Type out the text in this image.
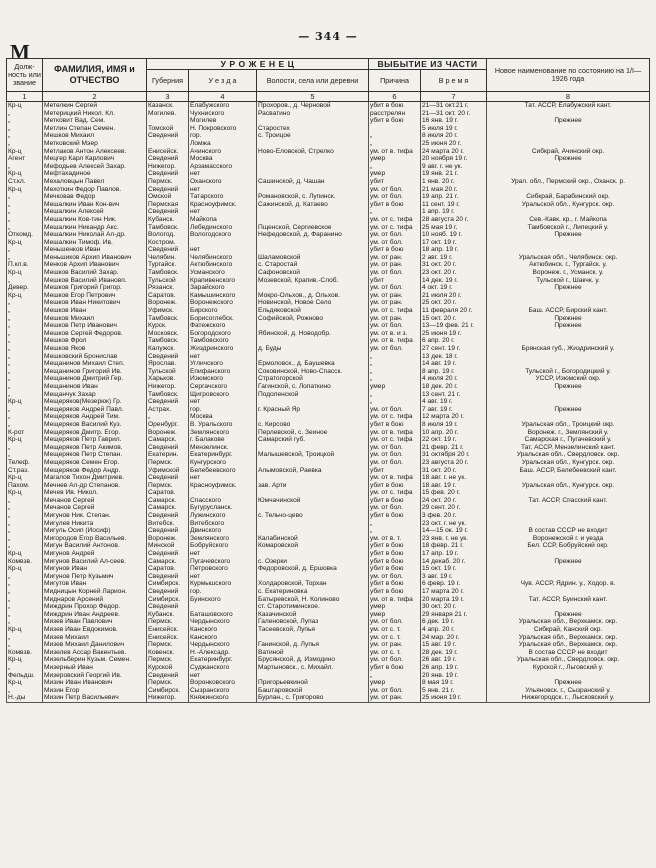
М
— 344 —
Долж-ность или звание	ФАМИЛИЯ, ИМЯ и ОТЧЕСТВО	У Р О Ж Е Н Е Ц			ВЫБЫТИЕ ИЗ ЧАСТИ		Новое наименование по состоянию на 1/I—1926 года
		Губерния	У е з д а	Волости, села или деревни	Причина	В р е м я	
1	2	3	4	5	6	7	8
Кр-ц	Метелкин Сергей	Казанск.	Елабужского	Прохоров., д. Черновой	убит в бою	21—31 окт.21 г.	Тат. АССР, Елабужский кант.
„	Метерицкий Никол. Кл.	Могилев.	Чухниского	Расватино	расстрелян	21—31 окт. 20 г.	
„	Метковит Вад. Сем.		Могилев		убит в бою	16 янв. 19 г.	Прежнее
„	Метлин Степан Семен.	Томской	Н. Покровского	Старостех		5 июля 19 г.	
„	Мешков Михаил	Сведений	гор.	с. Троицое	„	8 июля 20 г.	
„	Метковский Мэер		Ломжа		„	25 июня 20 г.	
Кр-ц	Метлаков Антон Алексеев.	Енисейск.	Ачинского	Ново-Еловской, Стрелко	ум. от в. тифа	24 марта 20 г.	Сибкрай, Ачинский окр.
Агент	Мецгер Карл Карлович	Сведений	Москва		умер	20 ноября 19 г.	Прежнее
„	Мефодьев Алексей Захар.	Нижегор.	Арзамасского		„	9 авг. г. не ук.	
Кр-ц	Мефтахадиное	Сведений	нет		умер	19 янв. 21 г.	
Ст.кл.	Мехаловцын Павел	Пермск.	Оханского	Сашинской, д. Чашан	убит	1 янв. 20 г.	Урал. обл., Пермский окр., Оханск. р.
Кр-ц	Мехоткин Федор Павлов.	Сведений	нет		ум. от бол.	21 мая 20 г.	
„	Мечковав Федор	Омской	Татарского	Романовской, с. Лупинск.	ум. от бол.	19 апр. 21 г.	Сибкрай, Барабинский окр.
„	Мешалкин Иван Кон-вич	Пермская	Красноуфимск.	Сажинской, д. Катаево	убит в бою	11 сент. 19 г.	Уральской обл., Кунгурск. окр.
„	Мешалкин Алексей	Сведений	нет		„	1 апр. 19 г.	
„	Мешалкин Ков-тин Ник.	Кубанск.	Майкопа		ум. от с. тифа	28 августа 20 г.	Сев.-Кавк. кр., г. Майкопа
„	Мешалкин Никандр Акс.	Тамбовск.	Лебединского	Пщенской, Сергиевское	ум. от с. тифа	25 мая 19 г.	Тамбовской г., Липецкий у.
Откомд.	Мешалкин Николай Ал-др.	Вологод.	Вологодского	Нефедовской, д. Фаранино	ум. от бол.	10 нояб. 19 г.	Прежнее
Кр-ц	Мешалкин Тимоф. Ив.	Костром.			ум. от бол.	17 окт. 19 г.	
„	Меньшенков Иван	Сведений	нет		убит в бою	18 апр. 19 г.	
„	Меньшиков Архип Иванович	Челябин.	Челябинского	Шаламовской	ум. от ран.	2 авг. 19 г.	Уральская обл., Челябинск. окр.
П.кл.в.	Менков Архип Иванович	Тургайск.	Актюбинского	с. Старостай	ум. от ран.	31 окт. 20 г.	Актюбинск. г., Тургайск. у.
Кр-ц	Мешков Василий Захар.	Тамбовск.	Усманского	Сафоновской	ум. от бол.	23 окт. 20 г.	Воронеж. г., Усманск. у.
„	Мешков Василий Ивановп.	Тульской	Крапивенского	Мозевской, Крапив.-Слоб.	убит	14 дек. 19 г.	Тульской г., Шакчк. у.
Девер.	Мешков Григорий Григор.	Рязанск.	Зарайского		ум. от бол.	4 окт. 19 г.	Прежнее
Кр-ц	Мешков Егор Петрович	Саратов.	Камышинского	Мокро-Ольхов., д. Ольхов.	ум. от ран.	21 июля 20 г.	
„	Мешков Иван Никитович	Воронеж.	Воронежского	Новинской, Новое Село	ум. от ран.	25 окт. 20 г.	
„	Мешков Иван	Уфимск.	Бирского	Ельдяковской	ум. от с. тифа	11 февраля 20 г.	Баш. АССР, Бирский кант.
„	Мешков Михаил	Тамбовск.	Борисоглебск.	Софийской, Рожново	ум. от ран.	15 окт. 20 г.	Прежнее
„	Мешков Петр Иванович	Курск.	Фатежского		ум. от бол.	13—19 фев. 21 г.	Прежнее
„	Мешков Сергей Федоров.	Московск.	Богородского	Ябинской, д. Новодобр.	ум. от в. и з.	25 июня 19 г.	
„	Мешков Фрол	Тамбовск.	Тамбовского		ум. от в. тифа	6 апр. 20 г.	
„	Мешков Яков	Калужск.	Жиздринского	д. Буды	ум. от бол.	27 сент. 19 г.	Брянская губ., Жиздринский у.
„	Мешковский Бронислав	Сведений	нет		„	13 дек. 18 г.	
„	Мещанинов Михаил Степ.	Ярослав.	Угличского	Ермоловск., д. Баушевка	„	14 авг. 19 г.	
„	Мещанинов Григорий Ив.	Тульской	Епифанского	Соковинской, Ново-Спасск.	„	8 апр. 19 г.	Тульской г., Богородицкий у.
„	Мещанинов Дмитрий Гер.	Харьков.	Изюмского	Стратогорской	„	4 июля 20 г.	УССР, Изюмский окр.
„	Мещанинов Иван	Нижегор.	Сергачского	Гагинской, с. Лопаткино	умер	18 дек. 20 г.	Прежнее
„	Мещанчук Захар	Тамбовск.	Щигровского	Подоленской	„	13 сент. 21 г.	
Кр-ц	Мещеряков(Мезерюк) Гр.	Сведений	нет		„	4 авг. 19 г.	
„	Мещеряков Андрей Павл.	Астрах.	гор.	г. Красный Яр	ум. от бол.	7 авг. 19 г.	Прежнее
„	Мещеряков Андрей Тим.	„	Москва		ум. от с. тифа	12 марта 20 г.	
„	Мещеряков Василий Куз.	Оренбург.	В. Уральского	с. Кирсово	убит в бою	8 июля 19 г.	Уральская обл., Троицкий окр.
К-рот	Мещеряков Дмитр. Егор.	Воронеж.	Землянского	Перлевской, с. Зеиное	ум. от в. тифа	10 апр. 20 г.	Воронеж. г., Землянский у.
Кр-ц	Мещеряков Петр Гаврил.	Самарск.	г. Балакове	Самарский губ.	ум. от с. тифа	22 окт. 19 г.	Самарская г., Пугачевский у.
„	Мещеряков Петр Акимов.	Сведений	Мензелинск.		ум. от бол.	21 февр. 21 г.	Тат. АССР, Мензелинский кант.
„	Мещеряков Петр Степан.	Екатерин.	Екатеринбург.	Малышевской, Троицкой	ум. от бол.	31 октября 20 г.	Уральская обл., Свердловск. окр.
Телеф.	Мещеряков Семен Егор.	Пермск.	Кунгурского		ум. от бол.	23 августа 20 г.	Уральская обл., Кунгурск. окр.
Ст.раз.	Мещеряков Федор Андр.	Уфимской	Белебеевского	Алымовской, Раевка	убит	31 окт. 20 г.	Баш. АССР, Белебеевский кант.
Кр-ц	Магалов Тихон Дмитриев.	Сведений	нет		ум. от в. тифа	18 авг. г. не ук.	
Пахом.	Мечнев Ал-др Степанов.	Пермск.	Красноуфимск.	зав. Арти	убит в бою	18 авг. 19 г.	Уральская обл., Кунгурск. окр.
Кр-ц	Мечев Ив. Никол.	Саратов.			ум. от с. тифа	15 фев. 20 г.	
„	Мечанов Сергей	Самарск.	Спасского	Юмчачинской	убит в бою	24 окт. 20 г.	Тат. АССР, Спасский кант.
„	Мечанов Сергей	Самарск.	Бугурусланск.		ум. от бол.	29 сент. 20 г.	
„	Мигунов Ник. Степан.	Сведений	Лужинского	с. Тельчо-цево	убит в бою	3 фев. 20 г.	
„	Мигулев Никита	Витебск.	Витебского		„	23 окт. г. не ук.	
„	Мигуль Осип (Иосиф)	Сведений	Двинского		„	14—15 ок. 19 г.	В состав СССР не входит
„	Мигородов Егор Васильев.	Воронеж.	Землянского	Калабинской	ум. от в. т.	23 янв. г. не ук.	Воронежской г. и уезда
„	Мигун Василий Антонов.	Минской	Бобруйского	Комаровской	убит в бою	18 февр. 21 г.	Бел. ССР, Бобруйский окр.
Кр-ц	Мигунов Андрей	Сведений	нет		убит в бою	17 апр. 19 г.	
Комвзв.	Мигунов Василий Ал-сеев.	Самарск.	Пугачевского	с. Озерки	убит в бою	14 декаб. 20 г.	Прежнее
Кр-ц	Мигунов Иван	Саратов.	Петровского	Федоровской, д. Ершовка	убит в бою	15 окт. 19 г.	
„	Мигунов Петр Кузьмич	Сведений	нет		ум. от бол.	3 авг. 19 г.	
„	Мигутов Иван	Симбирск.	Курмышского	Холдаровской, Торхан	убит в бою	6 февр. 19 г.	Чув. АССР, Ядрин. у., Ходор. в.
„	Мидницын Корней Ларион.	Сведений	гор.	с. Екатериновка	убит в бою	17 марта 20 г.	
„	Миднаров Арсений	Симбирск.	Буинского	Батыревской, Н. Колиново	ум. от в. тифа	20 марта 19 г.	Тат. АССР, Буинский кант.
„	Миждрин Прохор Федор.	Сведений		ст. Старотиминское.	умер	30 окт. 20 г.	
„	Миждрин Иван Андреев.	Кубанск.	Баташовского	Казачинской	умер	29 января 21 г.	Прежнее
„	Мизев Иван Павлович	Пермск.	Чердынского	Галеновской, Лупаз	ум. от бол.	6 дек. 19 г.	Уральская обл., Верхкамск. окр.
Кр-ц	Мизев Иван Евдокимов.	Енисейск.	Канского	Тасеевской, Лупья	ум. от с. т.	4 апр. 20 г.	Сибкрай, Канский окр.
„	Мизев Михаил	Енисейск.	Канского		ум. от с. т.	24 мар. 20 г.	Уральская обл., Верхкамск. окр.
„	Мизев Михаил Данилович	Пермск.	Чердынского	Ганинской, д. Лупья	ум. от ран.	15 авг. 19 г.	Уральская обл., Верхкамск. окр.
Комвзв.	Мизелев Ассар Вакентьев.	Ковенск.	Н.-Алексадр.	Ватиной	ум. от с. т.	28 дек. 19 г.	В состав СССР не входит
Кр-ц	Мизельберин Кузьм. Семен.	Пермск.	Екатеринбург.	Брусянской, д. Измодино	ум. от бол.	26 авг. 19 г.	Уральская обл., Свердловск. окр.
„	Мизерный Иван	Курской	Суджанского	Мартыновск., с. Михайл.	убит в бою	26 апр. 19 г.	Курской г., Льговский у.
Фельдш.	Мизеровский Георгий Ив.	Сведений	нет		„	20 янв. 19 г.	
Кр-ц	Мизин Иван Иванович	Пермск.	Воронковского	Пригорьевкиной	умер	8 мая 19 г.	Прежнее
„	Мизин Егор	Симбирск.	Сызранского	Баштаровской	ум. от бол.	5 янв. 21 г.	Ульяновск. г., Сызранский у.
Н.-ды	Мизин Петр Васильевич	Нижегор.	Княжинского	Бурлан., с. Григорово	ум. от ран.	25 июня 19 г.	Нижегородск. г., Лысковский у.
